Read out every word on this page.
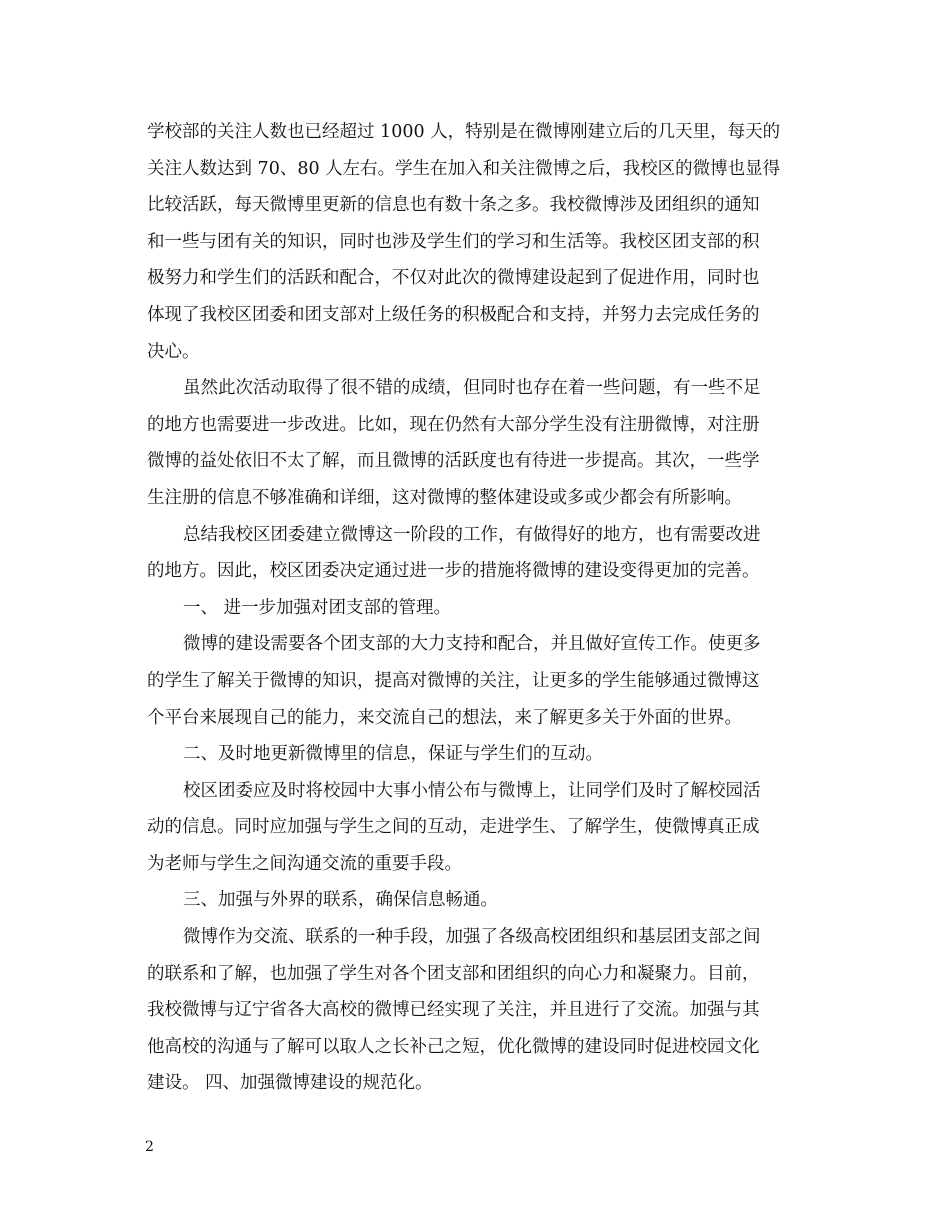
学校部的关注人数也已经超过 1000 人，特别是在微博刚建立后的几天里，每天的
关注人数达到 70、80 人左右。学生在加入和关注微博之后，我校区的微博也显得
比较活跃，每天微博里更新的信息也有数十条之多。我校微博涉及团组织的通知
和一些与团有关的知识，同时也涉及学生们的学习和生活等。我校区团支部的积
极努力和学生们的活跃和配合，不仅对此次的微博建设起到了促进作用，同时也
体现了我校区团委和团支部对上级任务的积极配合和支持，并努力去完成任务的
决心。
虽然此次活动取得了很不错的成绩，但同时也存在着一些问题，有一些不足
的地方也需要进一步改进。比如，现在仍然有大部分学生没有注册微博，对注册
微博的益处依旧不太了解，而且微博的活跃度也有待进一步提高。其次，一些学
生注册的信息不够准确和详细，这对微博的整体建设或多或少都会有所影响。
总结我校区团委建立微博这一阶段的工作，有做得好的地方，也有需要改进
的地方。因此，校区团委决定通过进一步的措施将微博的建设变得更加的完善。
一、 进一步加强对团支部的管理。
微博的建设需要各个团支部的大力支持和配合，并且做好宣传工作。使更多
的学生了解关于微博的知识，提高对微博的关注，让更多的学生能够通过微博这
个平台来展现自己的能力，来交流自己的想法，来了解更多关于外面的世界。
二、及时地更新微博里的信息，保证与学生们的互动。
校区团委应及时将校园中大事小情公布与微博上，让同学们及时了解校园活
动的信息。同时应加强与学生之间的互动，走进学生、了解学生，使微博真正成
为老师与学生之间沟通交流的重要手段。
三、加强与外界的联系，确保信息畅通。
微博作为交流、联系的一种手段，加强了各级高校团组织和基层团支部之间
的联系和了解，也加强了学生对各个团支部和团组织的向心力和凝聚力。目前，
我校微博与辽宁省各大高校的微博已经实现了关注，并且进行了交流。加强与其
他高校的沟通与了解可以取人之长补己之短，优化微博的建设同时促进校园文化
建设。 四、加强微博建设的规范化。
2
